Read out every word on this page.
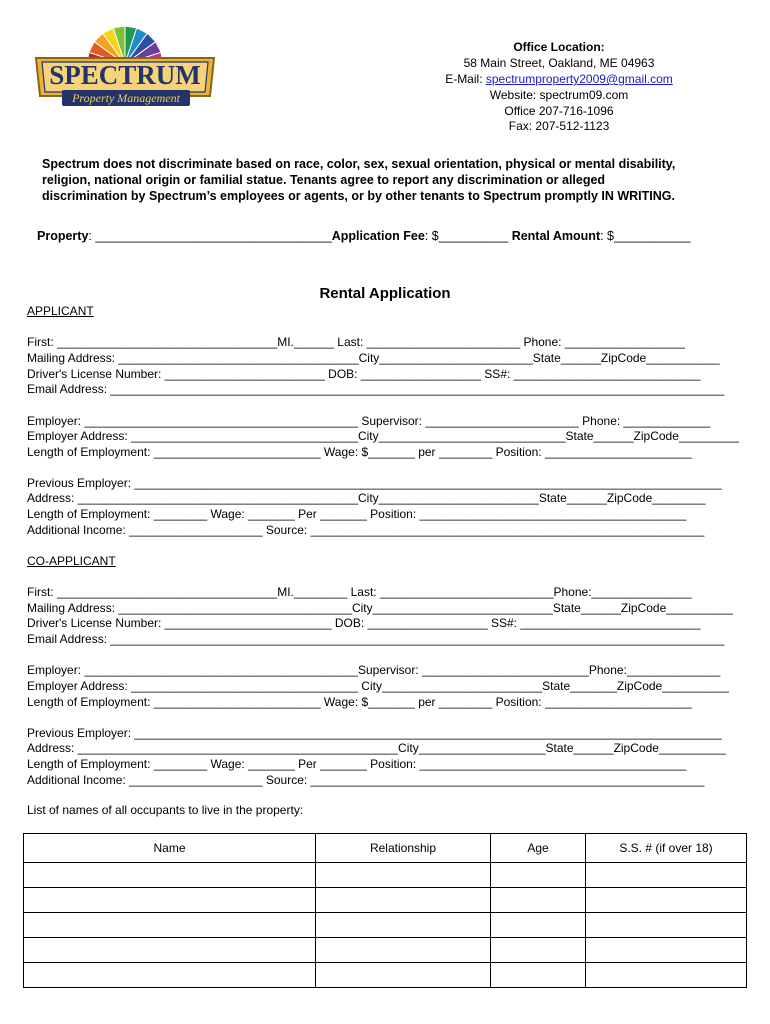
SPECTRUM
Property Management
Office Location:
58 Main Street, Oakland, ME 04963
E-Mail: spectrumproperty2009@gmail.com
Website: spectrum09.com
Office 207-716-1096
Fax: 207-512-1123
Spectrum does not discriminate based on race, color, sex, sexual orientation, physical or mental disability,
religion, national origin or familial statue. Tenants agree to report any discrimination or alleged
discrimination by Spectrum’s employees or agents, or by other tenants to Spectrum promptly IN WRITING.
Property: __________________________________Application Fee: $__________ Rental Amount: $___________
Rental Application
APPLICANT
First: _________________________________MI.______ Last: _______________________ Phone: __________________
Mailing Address: ____________________________________City_______________________State______ZipCode___________
Driver's License Number: ________________________ DOB: __________________ SS#: ____________________________
Email Address: ____________________________________________________________________________________________
Employer: _________________________________________ Supervisor: _______________________ Phone: _____________
Employer Address: __________________________________City____________________________State______ZipCode_________
Length of Employment: _________________________ Wage: $_______ per ________ Position: ______________________
Previous Employer: ________________________________________________________________________________________
Address: __________________________________________City________________________State______ZipCode________
Length of Employment: ________ Wage: _______ Per _______ Position: ________________________________________
Additional Income: ____________________ Source: ___________________________________________________________
CO-APPLICANT
First: _________________________________MI.________ Last: __________________________Phone:_______________
Mailing Address: ___________________________________City___________________________State______ZipCode__________
Driver's License Number: _________________________ DOB: __________________ SS#: ___________________________
Email Address: ____________________________________________________________________________________________
Employer: _________________________________________Supervisor: _________________________Phone:______________
Employer Address: __________________________________ City________________________State_______ZipCode__________
Length of Employment: _________________________ Wage: $_______ per ________ Position: ______________________
Previous Employer: ________________________________________________________________________________________
Address: ________________________________________________City___________________State______ZipCode__________
Length of Employment: ________ Wage: _______ Per _______ Position: ________________________________________
Additional Income: ____________________ Source: ___________________________________________________________
List of names of all occupants to live in the property:
Name	Relationship	Age	S.S. # (if over 18)
